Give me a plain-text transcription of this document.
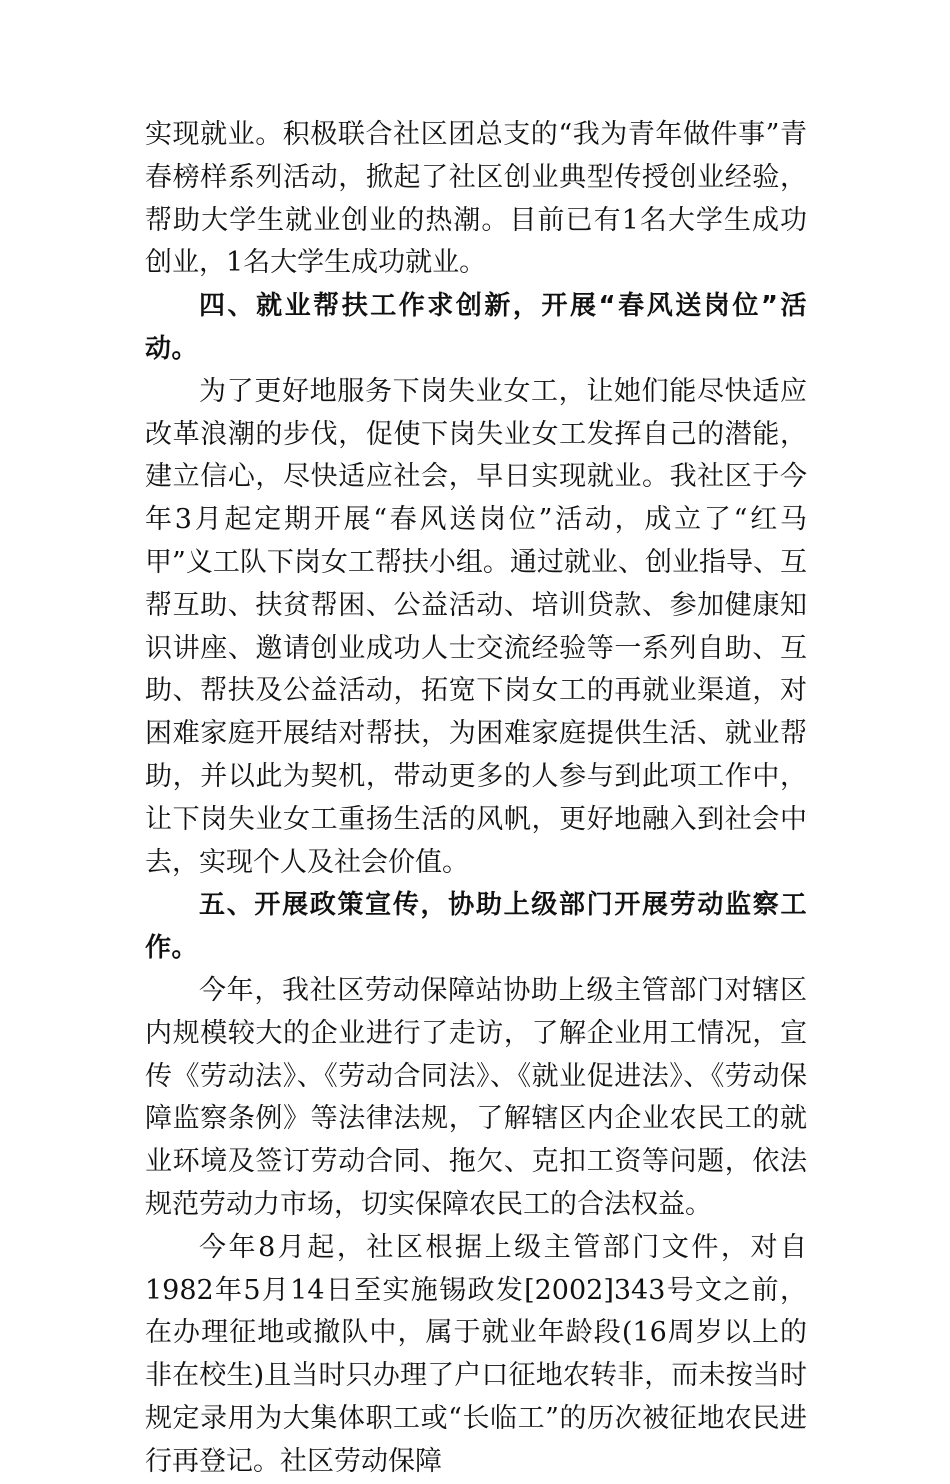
实现就业。积极联合社区团总支的“我为青年做件事”青春榜样系列活动，掀起了社区创业典型传授创业经验，帮助大学生就业创业的热潮。目前已有1名大学生成功创业，1名大学生成功就业。

四、就业帮扶工作求创新，开展“春风送岗位”活动。

为了更好地服务下岗失业女工，让她们能尽快适应改革浪潮的步伐，促使下岗失业女工发挥自己的潜能，建立信心，尽快适应社会，早日实现就业。我社区于今年3月起定期开展“春风送岗位”活动，成立了“红马甲”义工队下岗女工帮扶小组。通过就业、创业指导、互帮互助、扶贫帮困、公益活动、培训贷款、参加健康知识讲座、邀请创业成功人士交流经验等一系列自助、互助、帮扶及公益活动，拓宽下岗女工的再就业渠道，对困难家庭开展结对帮扶，为困难家庭提供生活、就业帮助，并以此为契机，带动更多的人参与到此项工作中，让下岗失业女工重扬生活的风帆，更好地融入到社会中去，实现个人及社会价值。

五、开展政策宣传，协助上级部门开展劳动监察工作。

今年，我社区劳动保障站协助上级主管部门对辖区内规模较大的企业进行了走访，了解企业用工情况，宣传《劳动法》、《劳动合同法》、《就业促进法》、《劳动保障监察条例》等法律法规，了解辖区内企业农民工的就业环境及签订劳动合同、拖欠、克扣工资等问题，依法规范劳动力市场，切实保障农民工的合法权益。

今年8月起，社区根据上级主管部门文件，对自1982年5月14日至实施锡政发[2002]343号文之前，在办理征地或撤队中，属于就业年龄段(16周岁以上的非在校生)且当时只办理了户口征地农转非，而未按当时规定录用为大集体职工或“长临工”的历次被征地农民进行再登记。社区劳动保障
